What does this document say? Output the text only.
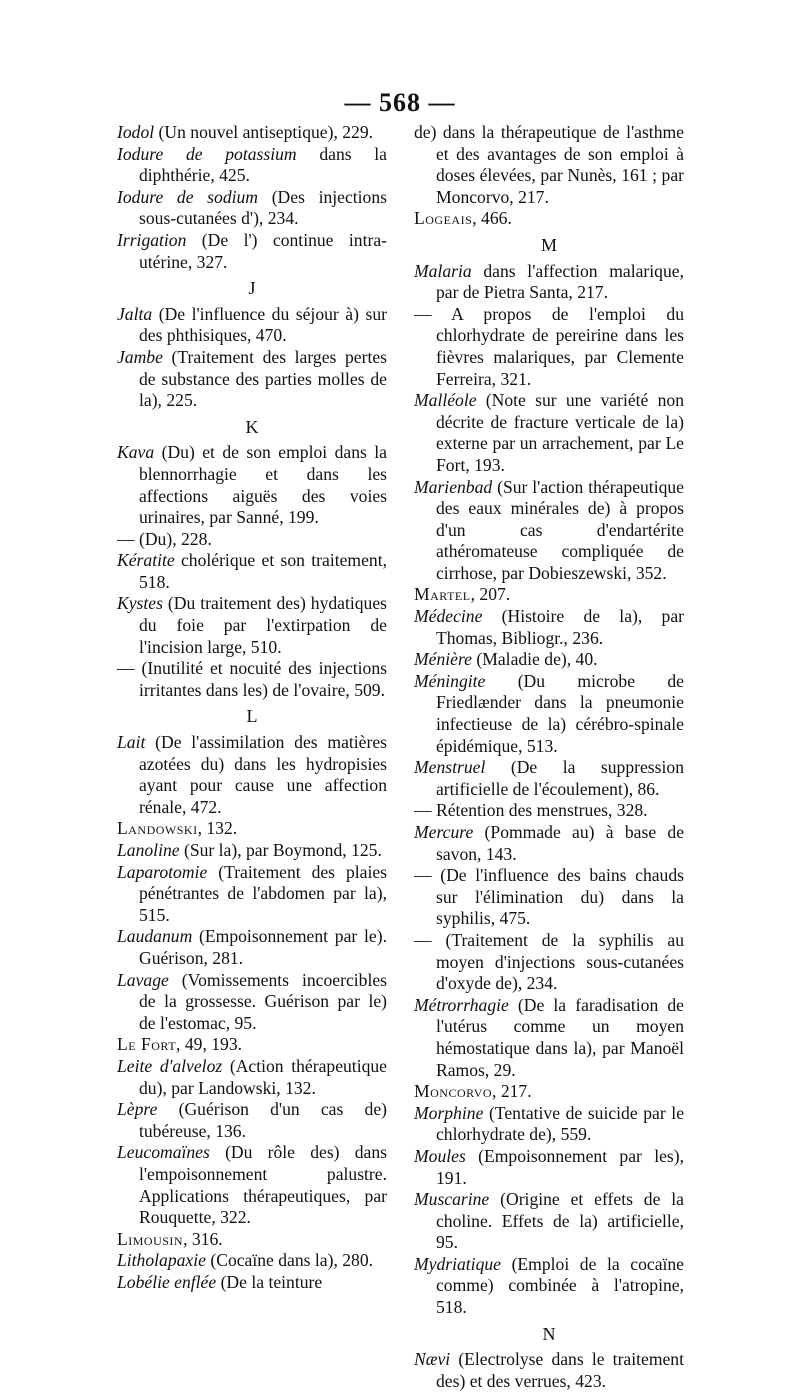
— 568 —
Iodol (Un nouvel antiseptique), 229.
Iodure de potassium dans la diphthérie, 425.
Iodure de sodium (Des injections sous-cutanées d'), 234.
Irrigation (De l') continue intra-utérine, 327.
J
Jalta (De l'influence du séjour à) sur des phthisiques, 470.
Jambe (Traitement des larges pertes de substance des parties molles de la), 225.
K
Kava (Du) et de son emploi dans la blennorrhagie et dans les affections aiguës des voies urinaires, par Sanné, 199.
— (Du), 228.
Kératite cholérique et son traitement, 518.
Kystes (Du traitement des) hydatiques du foie par l'extirpation de l'incision large, 510.
— (Inutilité et nocuité des injections irritantes dans les) de l'ovaire, 509.
L
Lait (De l'assimilation des matières azotées du) dans les hydropisies ayant pour cause une affection rénale, 472.
Landowski, 132.
Lanoline (Sur la), par Boymond, 125.
Laparotomie (Traitement des plaies pénétrantes de l'abdomen par la), 515.
Laudanum (Empoisonnement par le). Guérison, 281.
Lavage (Vomissements incoercibles de la grossesse. Guérison par le) de l'estomac, 95.
Le Fort, 49, 193.
Leite d'alveloz (Action thérapeutique du), par Landowski, 132.
Lèpre (Guérison d'un cas de) tubéreuse, 136.
Leucomaïnes (Du rôle des) dans l'empoisonnement palustre. Applications thérapeutiques, par Rouquette, 322.
Limousin, 316.
Litholapaxie (Cocaïne dans la), 280.
Lobélie enflée (De la teinture
de) dans la thérapeutique de l'asthme et des avantages de son emploi à doses élevées, par Nunès, 161 ; par Moncorvo, 217.
Logeais, 466.
M
Malaria dans l'affection malarique, par de Pietra Santa, 217.
— A propos de l'emploi du chlorhydrate de pereirine dans les fièvres malariques, par Clemente Ferreira, 321.
Malléole (Note sur une variété non décrite de fracture verticale de la) externe par un arrachement, par Le Fort, 193.
Marienbad (Sur l'action thérapeutique des eaux minérales de) à propos d'un cas d'endartérite athéromateuse compliquée de cirrhose, par Dobieszewski, 352.
Martel, 207.
Médecine (Histoire de la), par Thomas, Bibliogr., 236.
Ménière (Maladie de), 40.
Méningite (Du microbe de Friedlænder dans la pneumonie infectieuse de la) cérébro-spinale épidémique, 513.
Menstruel (De la suppression artificielle de l'écoulement), 86.
— Rétention des menstrues, 328.
Mercure (Pommade au) à base de savon, 143.
— (De l'influence des bains chauds sur l'élimination du) dans la syphilis, 475.
— (Traitement de la syphilis au moyen d'injections sous-cutanées d'oxyde de), 234.
Métrorrhagie (De la faradisation de l'utérus comme un moyen hémostatique dans la), par Manoël Ramos, 29.
Moncorvo, 217.
Morphine (Tentative de suicide par le chlorhydrate de), 559.
Moules (Empoisonnement par les), 191.
Muscarine (Origine et effets de la choline. Effets de la) artificielle, 95.
Mydriatique (Emploi de la cocaïne comme) combinée à l'atropine, 518.
N
Nævi (Electrolyse dans le traitement des) et des verrues, 423.
